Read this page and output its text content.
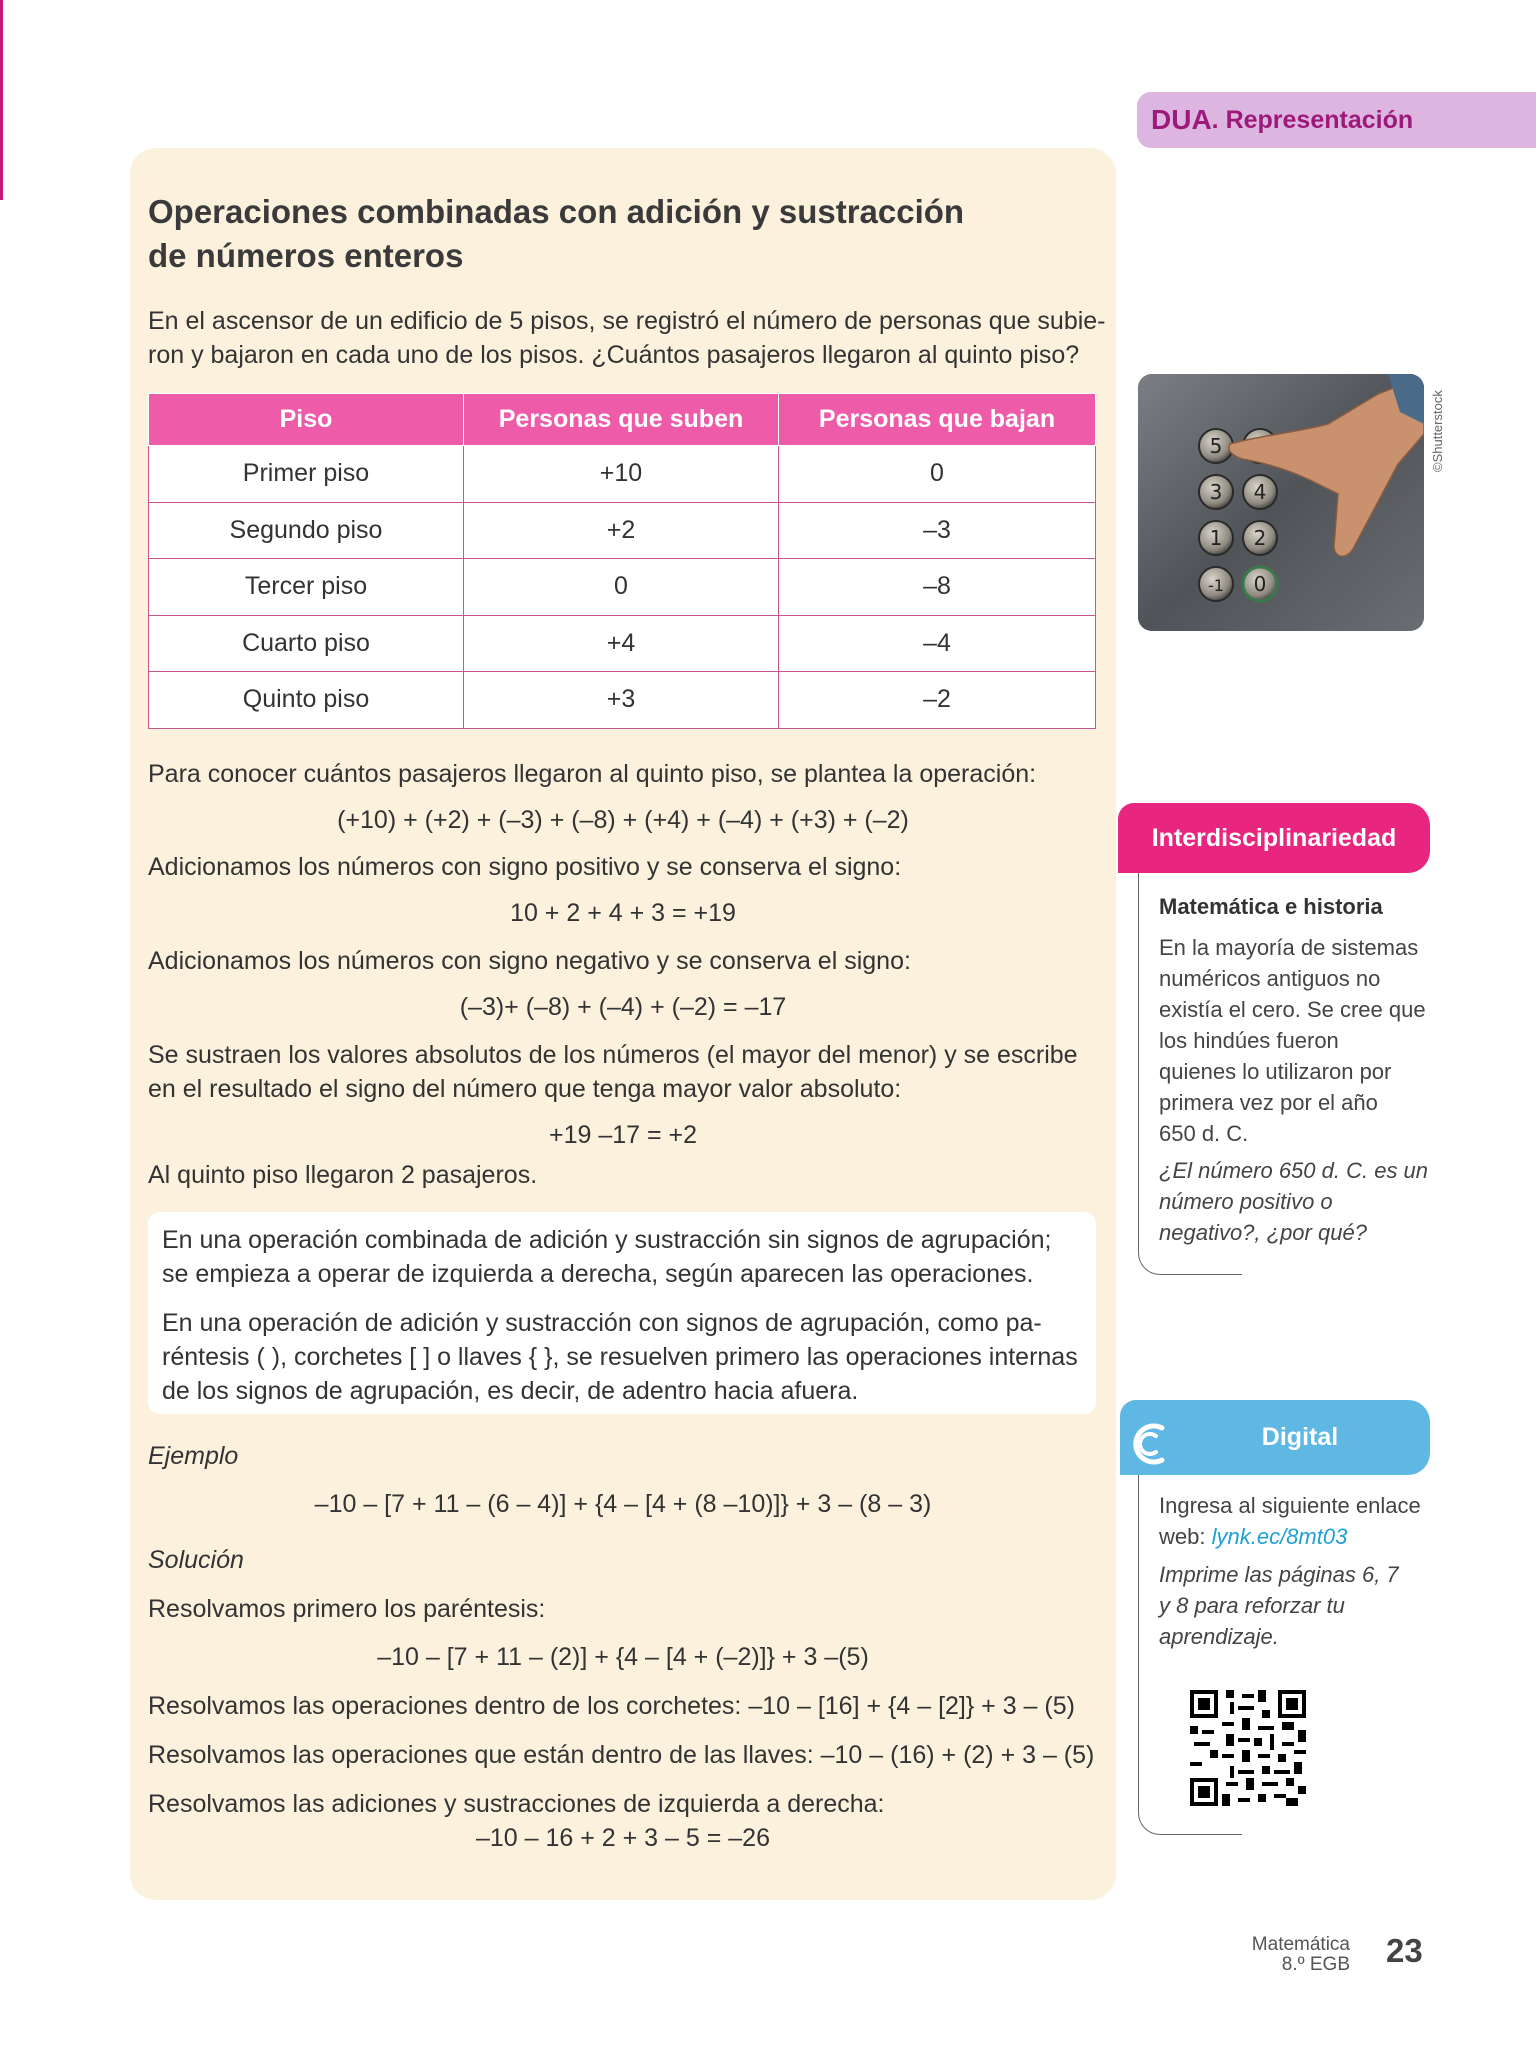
DUA . Representación
Operaciones combinadas con adición y sustracción de números enteros

En el ascensor de un edificio de 5 pisos, se registró el número de personas que subie-

ron y bajaron en cada uno de los pisos. ¿Cuántos pasajeros llegaron al quinto piso?

Piso	Personas que suben	Personas que bajan
Primer piso	+10	0
Segundo piso	+2	–3
Tercer piso	0	–8
Cuarto piso	+4	–4
Quinto piso	+3	–2
5
3 4
1 2
-1 0
©Shutterstock

Para conocer cuántos pasajeros llegaron al quinto piso, se plantea la operación:

(+10) + (+2) + (–3) + (–8) + (+4) + (–4) + (+3) + (–2)

Adicionamos los números con signo positivo y se conserva el signo:

10 + 2 + 4 + 3 = +19

Adicionamos los números con signo negativo y se conserva el signo:

(–3)+ (–8) + (–4) + (–2) = –17

Se sustraen los valores absolutos de los números (el mayor del menor) y se escribe

en el resultado el signo del número que tenga mayor valor absoluto:

+19 –17 = +2

Al quinto piso llegaron 2 pasajeros.

En una operación combinada de adición y sustracción sin signos de agrupación;

se empieza a operar de izquierda a derecha, según aparecen las operaciones.

En una operación de adición y sustracción con signos de agrupación, como pa-

réntesis ( ), corchetes [ ] o llaves { }, se resuelven primero las operaciones internas

de los signos de agrupación, es decir, de adentro hacia afuera.

Ejemplo

–10 – [7 + 11 – (6 – 4)] + {4 – [4 + (8 –10)]} + 3 – (8 – 3)

Solución

Resolvamos primero los paréntesis:

–10 – [7 + 11 – (2)] + {4 – [4 + (–2)]} + 3 –(5)

Resolvamos las operaciones dentro de los corchetes: –10 – [16] + {4 – [2]} + 3 – (5)

Resolvamos las operaciones que están dentro de las llaves: –10 – (16) + (2) + 3 – (5)

Resolvamos las adiciones y sustracciones de izquierda a derecha:

–10 – 16 + 2 + 3 – 5 = –26

Interdisciplinariedad

Matemática e historia

En la mayoría de sistemas

numéricos antiguos no

existía el cero. Se cree que

los hindúes fueron

quienes lo utilizaron por

primera vez por el año

650 d. C.

¿El número 650 d. C. es un

número positivo o

negativo?, ¿por qué?

Digital

Ingresa al siguiente enlace

web: lynk.ec/8mt03

Imprime las páginas 6, 7

y 8 para reforzar tu

aprendizaje.

Matemática
8.º EGB 23
